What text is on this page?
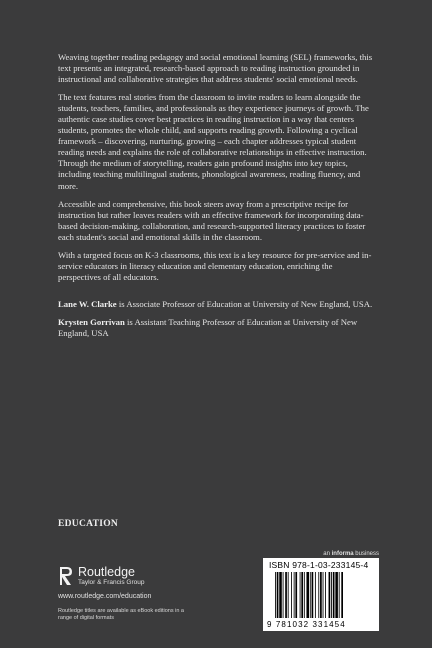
Weaving together reading pedagogy and social emotional learning (SEL) frameworks, this text presents an integrated, research-based approach to reading instruction grounded in instructional and collaborative strategies that address students' social emotional needs.

The text features real stories from the classroom to invite readers to learn alongside the students, teachers, families, and professionals as they experience journeys of growth. The authentic case studies cover best practices in reading instruction in a way that centers students, promotes the whole child, and supports reading growth. Following a cyclical framework – discovering, nurturing, growing – each chapter addresses typical student reading needs and explains the role of collaborative relationships in effective instruction. Through the medium of storytelling, readers gain profound insights into key topics, including teaching multilingual students, phonological awareness, reading fluency, and more.

Accessible and comprehensive, this book steers away from a prescriptive recipe for instruction but rather leaves readers with an effective framework for incorporating data-based decision-making, collaboration, and research-supported literacy practices to foster each student's social and emotional skills in the classroom.

With a targeted focus on K-3 classrooms, this text is a key resource for pre-service and in-service educators in literacy education and elementary education, enriching the perspectives of all educators.

Lane W. Clarke is Associate Professor of Education at University of New England, USA.

Krysten Gorrivan is Assistant Teaching Professor of Education at University of New England, USA

EDUCATION
Routledge
Taylor & Francis Group
www.routledge.com/education
Routledge titles are available as eBook editions in a range of digital formats
an informa business
ISBN 978-1-03-233145-4
9 781032 331454
